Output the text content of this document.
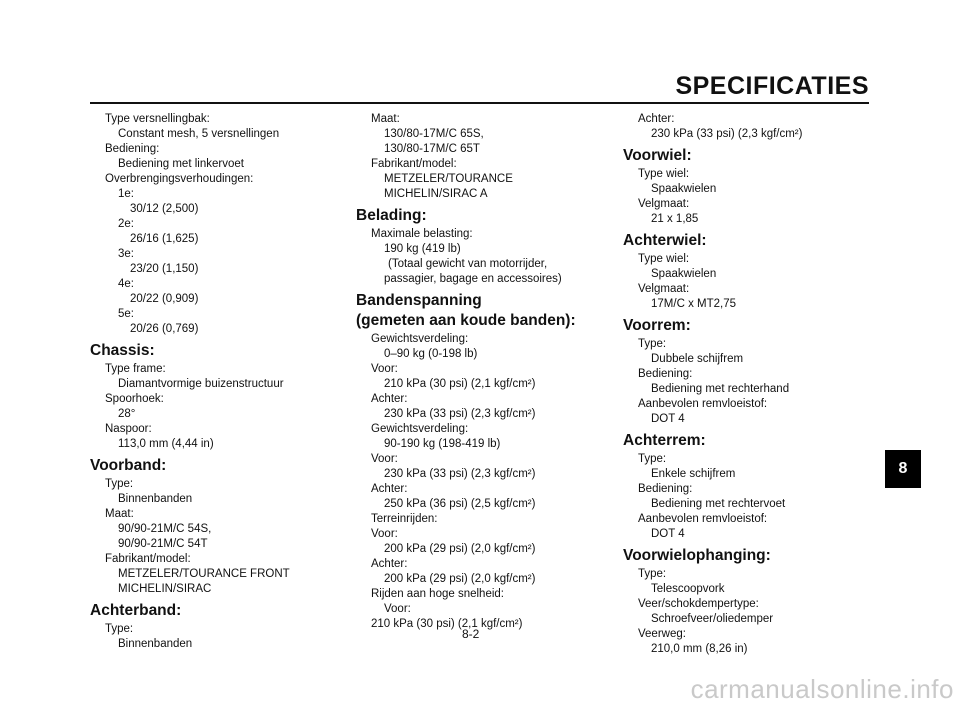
SPECIFICATIES
Type versnellingbak:
Constant mesh, 5 versnellingen
Bediening:
Bediening met linkervoet
Overbrengingsverhoudingen:
1e:
30/12 (2,500)
2e:
26/16 (1,625)
3e:
23/20 (1,150)
4e:
20/22 (0,909)
5e:
20/26 (0,769)
Chassis:
Type frame:
Diamantvormige buizenstructuur
Spoorhoek:
28°
Naspoor:
113,0 mm (4,44 in)
Voorband:
Type:
Binnenbanden
Maat:
90/90-21M/C 54S,
90/90-21M/C 54T
Fabrikant/model:
METZELER/TOURANCE FRONT
MICHELIN/SIRAC
Achterband:
Type:
Binnenbanden
Maat:
130/80-17M/C 65S,
130/80-17M/C 65T
Fabrikant/model:
METZELER/TOURANCE
MICHELIN/SIRAC A
Belading:
Maximale belasting:
190 kg (419 lb)
(Totaal gewicht van motorrijder,
passagier, bagage en accessoires)
Bandenspanning
(gemeten aan koude banden):
Gewichtsverdeling:
0–90 kg (0-198 lb)
Voor:
210 kPa (30 psi) (2,1 kgf/cm²)
Achter:
230 kPa (33 psi) (2,3 kgf/cm²)
Gewichtsverdeling:
90-190 kg (198-419 lb)
Voor:
230 kPa (33 psi) (2,3 kgf/cm²)
Achter:
250 kPa (36 psi) (2,5 kgf/cm²)
Terreinrijden:
Voor:
200 kPa (29 psi) (2,0 kgf/cm²)
Achter:
200 kPa (29 psi) (2,0 kgf/cm²)
Rijden aan hoge snelheid:
Voor:
210 kPa (30 psi) (2,1 kgf/cm²)
Achter:
230 kPa (33 psi) (2,3 kgf/cm²)
Voorwiel:
Type wiel:
Spaakwielen
Velgmaat:
21 x 1,85
Achterwiel:
Type wiel:
Spaakwielen
Velgmaat:
17M/C x MT2,75
Voorrem:
Type:
Dubbele schijfrem
Bediening:
Bediening met rechterhand
Aanbevolen remvloeistof:
DOT 4
Achterrem:
Type:
Enkele schijfrem
Bediening:
Bediening met rechtervoet
Aanbevolen remvloeistof:
DOT 4
Voorwielophanging:
Type:
Telescoopvork
Veer/schokdempertype:
Schroefveer/oliedemper
Veerweg:
210,0 mm (8,26 in)
8-2
8
carmanualsonline.info
